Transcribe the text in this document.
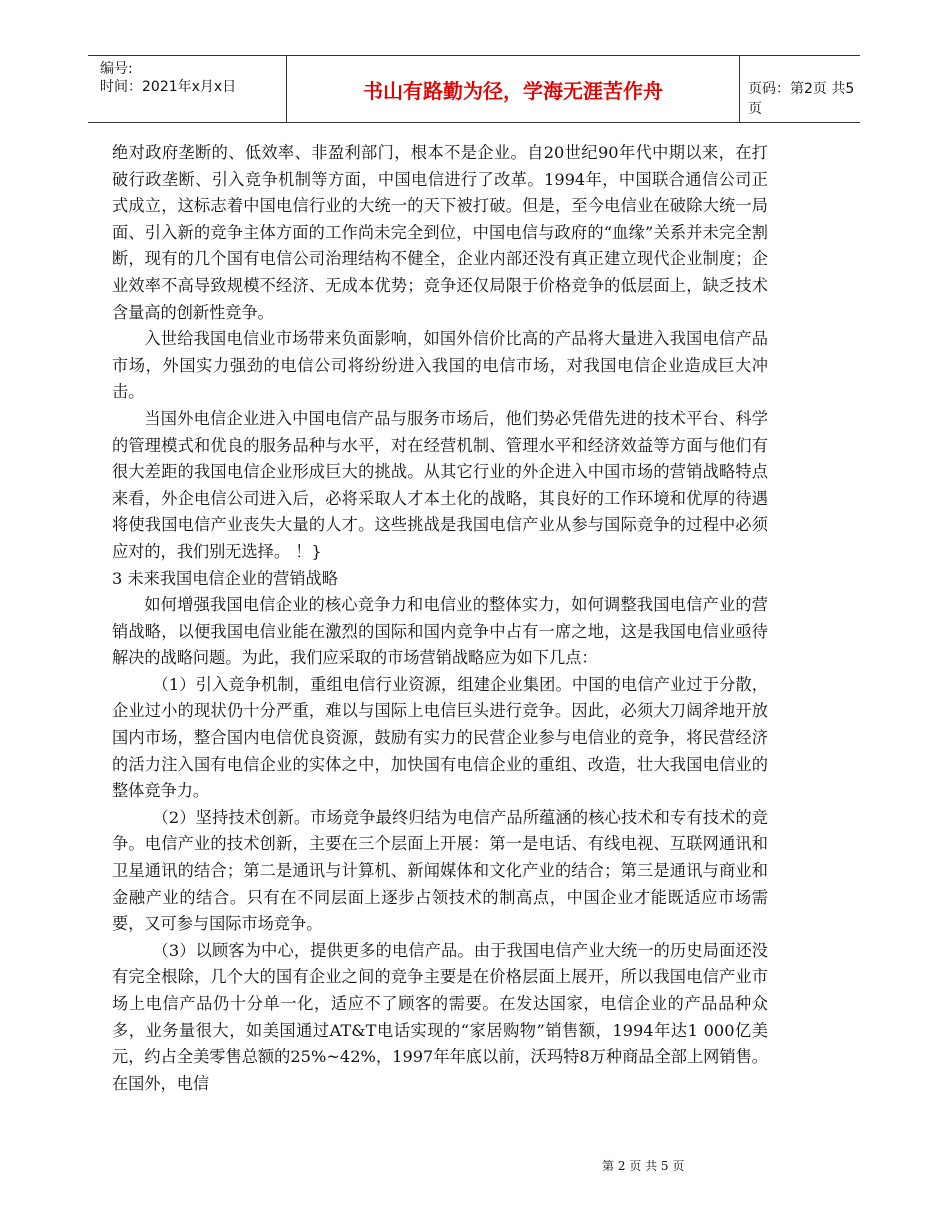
编号:
时间：2021年x月x日	书山有路勤为径，学海无涯苦作舟	页码：第2页 共5页

绝对政府垄断的、低效率、非盈利部门，根本不是企业。自20世纪90年代中期以来，在打破行政垄断、引入竞争机制等方面，中国电信进行了改革。1994年，中国联合通信公司正式成立，这标志着中国电信行业的大统一的天下被打破。但是，至今电信业在破除大统一局面、引入新的竞争主体方面的工作尚未完全到位，中国电信与政府的“血缘”关系并未完全割断，现有的几个国有电信公司治理结构不健全，企业内部还没有真正建立现代企业制度；企业效率不高导致规模不经济、无成本优势；竞争还仅局限于价格竞争的低层面上，缺乏技术含量高的创新性竞争。

入世给我国电信业市场带来负面影响，如国外信价比高的产品将大量进入我国电信产品市场，外国实力强劲的电信公司将纷纷进入我国的电信市场，对我国电信企业造成巨大冲击。

当国外电信企业进入中国电信产品与服务市场后，他们势必凭借先进的技术平台、科学的管理模式和优良的服务品种与水平，对在经营机制、管理水平和经济效益等方面与他们有很大差距的我国电信企业形成巨大的挑战。从其它行业的外企进入中国市场的营销战略特点来看，外企电信公司进入后，必将采取人才本土化的战略，其良好的工作环境和优厚的待遇将使我国电信产业丧失大量的人才。这些挑战是我国电信产业从参与国际竞争的过程中必须应对的，我们别无选择。 ！}

3 未来我国电信企业的营销战略

如何增强我国电信企业的核心竞争力和电信业的整体实力，如何调整我国电信产业的营销战略，以便我国电信业能在激烈的国际和国内竞争中占有一席之地，这是我国电信业亟待解决的战略问题。为此，我们应采取的市场营销战略应为如下几点：

（1）引入竞争机制，重组电信行业资源，组建企业集团。中国的电信产业过于分散，企业过小的现状仍十分严重，难以与国际上电信巨头进行竞争。因此，必须大刀阔斧地开放国内市场，整合国内电信优良资源，鼓励有实力的民营企业参与电信业的竞争，将民营经济的活力注入国有电信企业的实体之中，加快国有电信企业的重组、改造，壮大我国电信业的整体竞争力。

（2）坚持技术创新。市场竞争最终归结为电信产品所蕴涵的核心技术和专有技术的竞争。电信产业的技术创新，主要在三个层面上开展：第一是电话、有线电视、互联网通讯和卫星通讯的结合；第二是通讯与计算机、新闻媒体和文化产业的结合；第三是通讯与商业和金融产业的结合。只有在不同层面上逐步占领技术的制高点，中国企业才能既适应市场需要，又可参与国际市场竞争。

（3）以顾客为中心，提供更多的电信产品。由于我国电信产业大统一的历史局面还没有完全根除，几个大的国有企业之间的竞争主要是在价格层面上展开，所以我国电信产业市场上电信产品仍十分单一化，适应不了顾客的需要。在发达国家，电信企业的产品品种众多，业务量很大，如美国通过AT&T电话实现的“家居购物”销售额，1994年达1 000亿美元，约占全美零售总额的25%~42%，1997年年底以前，沃玛特8万种商品全部上网销售。在国外，电信

第 2 页 共 5 页
